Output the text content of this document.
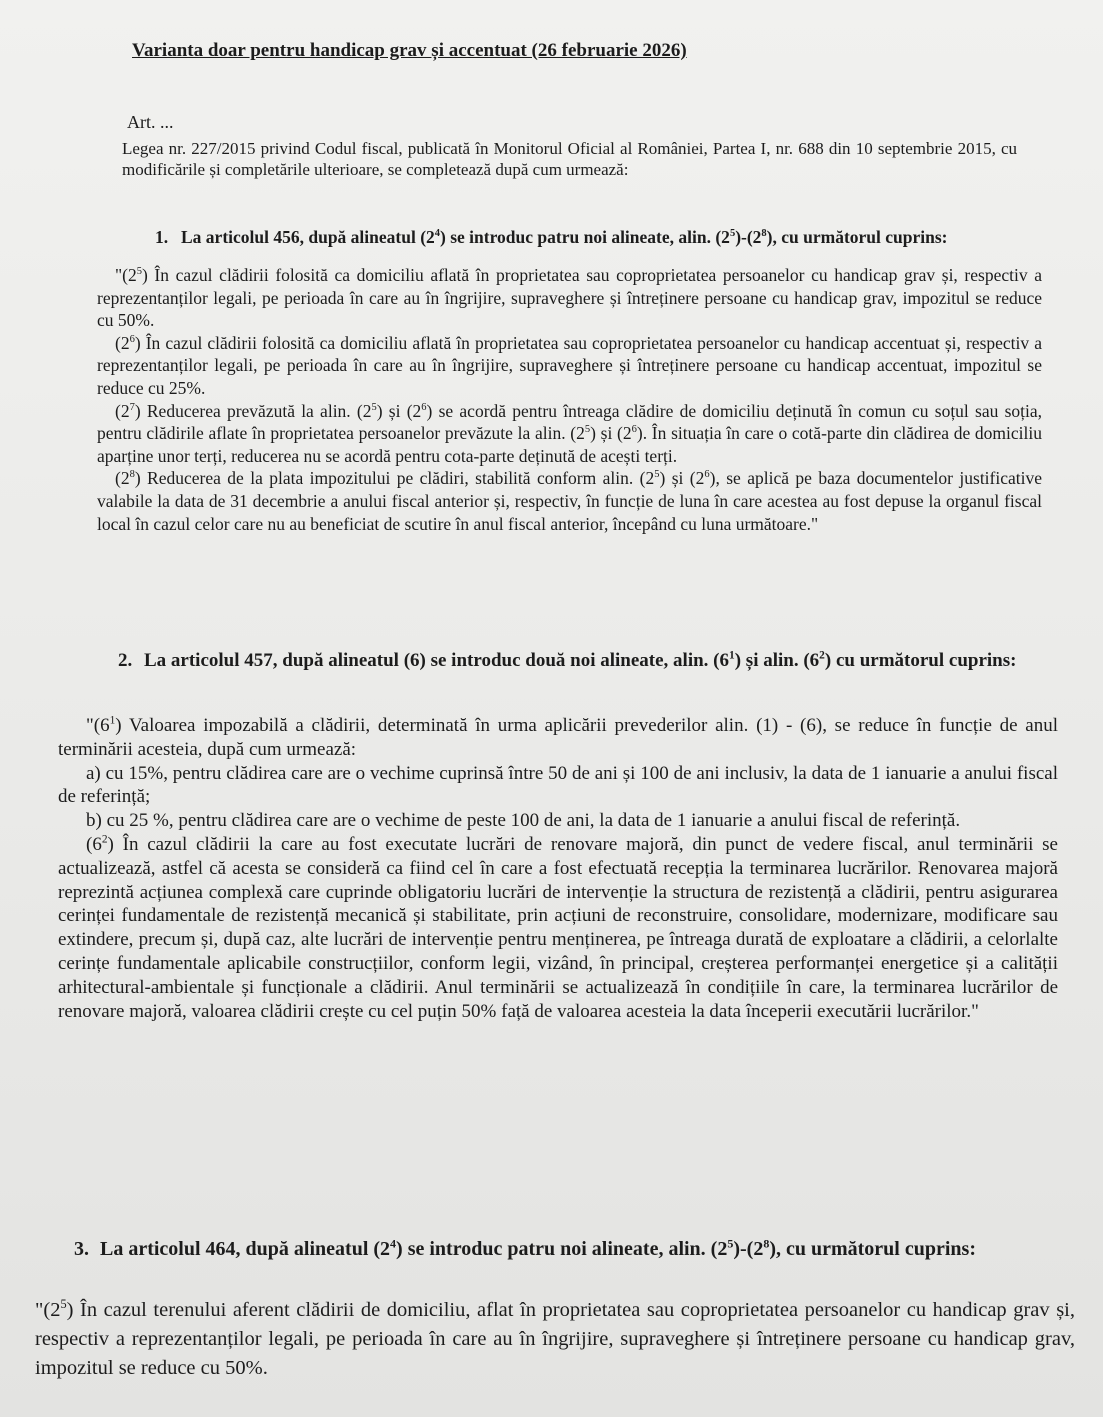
Varianta doar pentru handicap grav și accentuat (26 februarie 2026)
Art. ...
Legea nr. 227/2015 privind Codul fiscal, publicată în Monitorul Oficial al României, Partea I, nr. 688 din 10 septembrie 2015, cu modificările și completările ulterioare, se completează după cum urmează:
1. La articolul 456, după alineatul $(2^4)$ se introduc patru noi alineate, alin. $(2^5)-(2^8)$, cu următorul cuprins:

"$(2^5)$ În cazul clădirii folosită ca domiciliu aflată în proprietatea sau coproprietatea persoanelor cu handicap grav și, respectiv a reprezentanților legali, pe perioada în care au în îngrijire, supraveghere și întreținere persoane cu handicap grav, impozitul se reduce cu 50%.

$(2^6)$ În cazul clădirii folosită ca domiciliu aflată în proprietatea sau coproprietatea persoanelor cu handicap accentuat și, respectiv a reprezentanților legali, pe perioada în care au în îngrijire, supraveghere și întreținere persoane cu handicap accentuat, impozitul se reduce cu 25%.

$(2^7)$ Reducerea prevăzută la alin. $(2^5)$ și $(2^6)$ se acordă pentru întreaga clădire de domiciliu deținută în comun cu soțul sau soția, pentru clădirile aflate în proprietatea persoanelor prevăzute la alin. $(2^5)$ și $(2^6)$. În situația în care o cotă-parte din clădirea de domiciliu aparține unor terți, reducerea nu se acordă pentru cota-parte deținută de acești terți.

$(2^8)$ Reducerea de la plata impozitului pe clădiri, stabilită conform alin. $(2^5)$ și $(2^6)$, se aplică pe baza documentelor justificative valabile la data de 31 decembrie a anului fiscal anterior și, respectiv, în funcție de luna în care acestea au fost depuse la organul fiscal local în cazul celor care nu au beneficiat de scutire în anul fiscal anterior, începând cu luna următoare."

2. La articolul 457, după alineatul (6) se introduc două noi alineate, alin. $(6^1)$ și alin. $(6^2)$ cu următorul cuprins:

"$(6^1)$ Valoarea impozabilă a clădirii, determinată în urma aplicării prevederilor alin. (1) - (6), se reduce în funcție de anul terminării acesteia, după cum urmează:

a) cu 15%, pentru clădirea care are o vechime cuprinsă între 50 de ani și 100 de ani inclusiv, la data de 1 ianuarie a anului fiscal de referință;

b) cu 25 %, pentru clădirea care are o vechime de peste 100 de ani, la data de 1 ianuarie a anului fiscal de referință.

$(6^2)$ În cazul clădirii la care au fost executate lucrări de renovare majoră, din punct de vedere fiscal, anul terminării se actualizează, astfel că acesta se consideră ca fiind cel în care a fost efectuată recepția la terminarea lucrărilor. Renovarea majoră reprezintă acțiunea complexă care cuprinde obligatoriu lucrări de intervenție la structura de rezistență a clădirii, pentru asigurarea cerinței fundamentale de rezistență mecanică și stabilitate, prin acțiuni de reconstruire, consolidare, modernizare, modificare sau extindere, precum și, după caz, alte lucrări de intervenție pentru menținerea, pe întreaga durată de exploatare a clădirii, a celorlalte cerințe fundamentale aplicabile construcțiilor, conform legii, vizând, în principal, creșterea performanței energetice și a calității arhitectural-ambientale și funcționale a clădirii. Anul terminării se actualizează în condițiile în care, la terminarea lucrărilor de renovare majoră, valoarea clădirii crește cu cel puțin 50% față de valoarea acesteia la data începerii executării lucrărilor."

3. La articolul 464, după alineatul $(2^4)$ se introduc patru noi alineate, alin. $(2^5)-(2^8)$, cu următorul cuprins:

"$(2^5)$ În cazul terenului aferent clădirii de domiciliu, aflat în proprietatea sau coproprietatea persoanelor cu handicap grav și, respectiv a reprezentanților legali, pe perioada în care au în îngrijire, supraveghere și întreținere persoane cu handicap grav, impozitul se reduce cu 50%.
